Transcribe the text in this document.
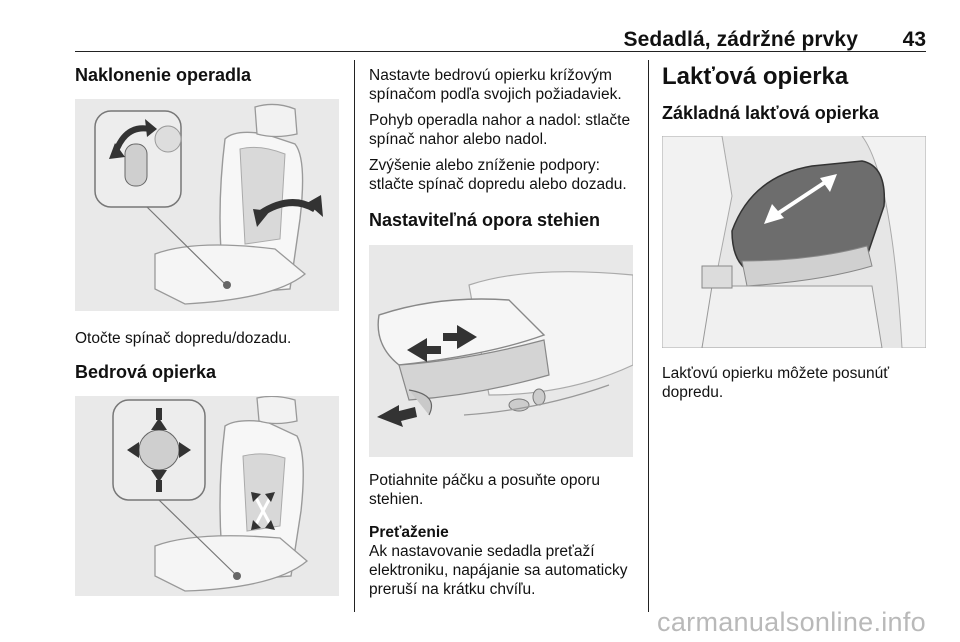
Sedadlá, zádržné prvky 43
Naklonenie operadla

Otočte spínač dopredu/dozadu.

Bedrová opierka

Nastavte bedrovú opierku krížovým spínačom podľa svojich požiadaviek.

Pohyb operadla nahor a nadol: stlačte spínač nahor alebo nadol.

Zvýšenie alebo zníženie podpory: stlačte spínač dopredu alebo dozadu.

Nastaviteľná opora stehien

Potiahnite páčku a posuňte oporu stehien.

Preťaženie

Ak nastavovanie sedadla preťaží elektroniku, napájanie sa automaticky preruší na krátku chvíľu.

Lakťová opierka
Základná lakťová opierka

Lakťovú opierku môžete posunúť dopredu.

carmanualsonline.info
